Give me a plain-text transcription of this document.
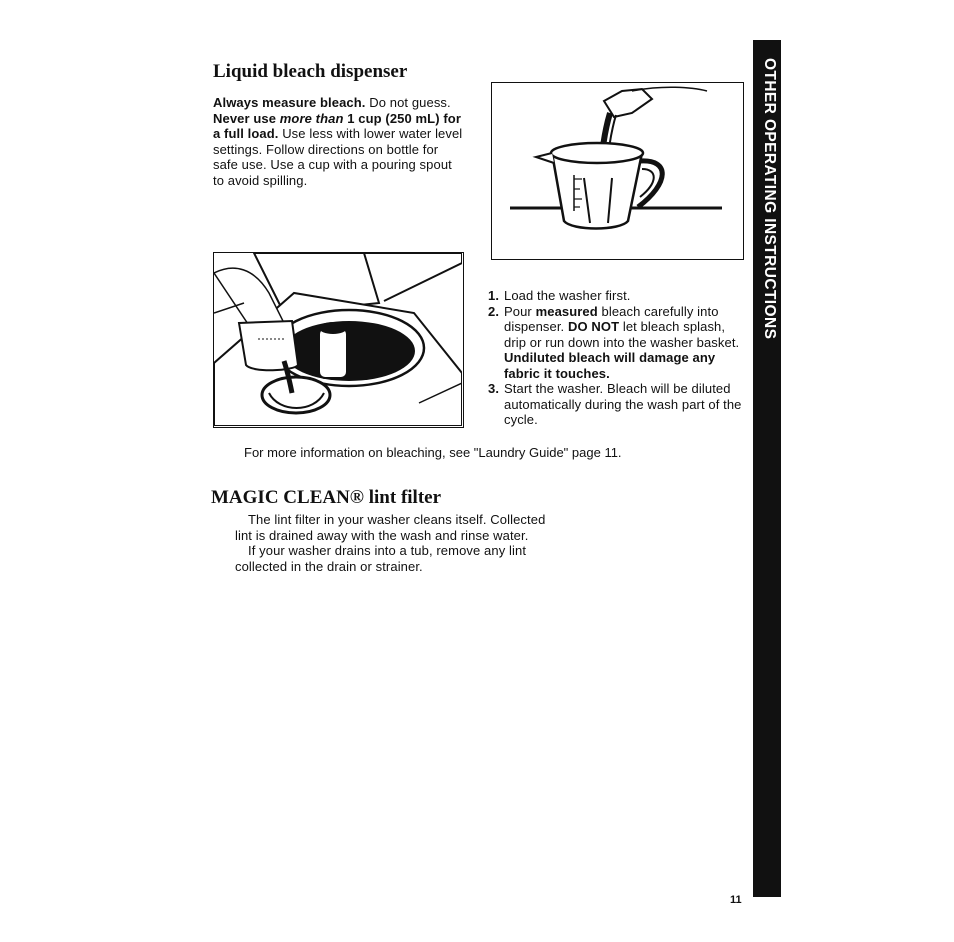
Liquid bleach dispenser
Always measure bleach. Do not guess. Never use more than 1 cup (250 mL) for a full load. Use less with lower water level settings. Follow directions on bottle for safe use. Use a cup with a pouring spout to avoid spilling.
1. Load the washer first.
2. Pour measured bleach carefully into dispenser. DO NOT let bleach splash, drip or run down into the washer basket. Undiluted bleach will damage any fabric it touches.
3. Start the washer. Bleach will be diluted automatically during the wash part of the cycle.
For more information on bleaching, see "Laundry Guide" page 11.
MAGIC CLEAN® lint filter
The lint filter in your washer cleans itself. Collected
lint is drained away with the wash and rinse water.
If your washer drains into a tub, remove any lint
collected in the drain or strainer.
OTHER OPERATING INSTRUCTIONS
11
